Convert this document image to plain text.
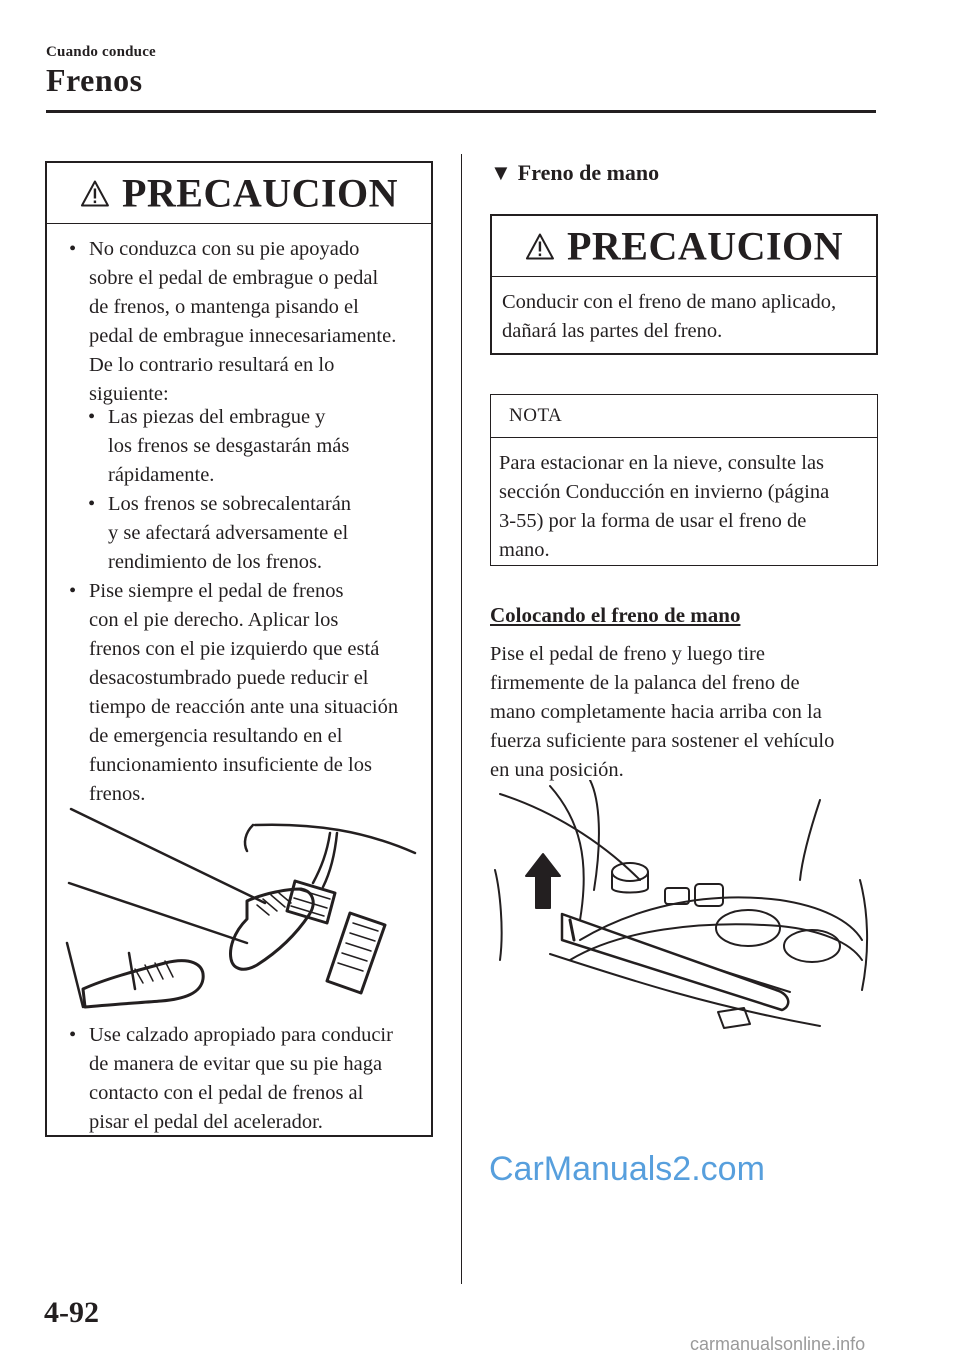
Cuando conduce
Frenos
PRECAUCION
• No conduzca con su pie apoyado
sobre el pedal de embrague o pedal
de frenos, o mantenga pisando el
pedal de embrague innecesariamente.
De lo contrario resultará en lo
siguiente:
• Las piezas del embrague y
los frenos se desgastarán más
rápidamente.
• Los frenos se sobrecalentarán
y se afectará adversamente el
rendimiento de los frenos.
• Pise siempre el pedal de frenos
con el pie derecho. Aplicar los
frenos con el pie izquierdo que está
desacostumbrado puede reducir el
tiempo de reacción ante una situación
de emergencia resultando en el
funcionamiento insuficiente de los
frenos.
• Use calzado apropiado para conducir
de manera de evitar que su pie haga
contacto con el pedal de frenos al
pisar el pedal del acelerador.
▼ Freno de mano
PRECAUCION
Conducir con el freno de mano aplicado,
dañará las partes del freno.
NOTA
Para estacionar en la nieve, consulte las
sección Conducción en invierno (página
3-55) por la forma de usar el freno de
mano.
Colocando el freno de mano
Pise el pedal de freno y luego tire
firmemente de la palanca del freno de
mano completamente hacia arriba con la
fuerza suficiente para sostener el vehículo
en una posición.
CarManuals2.com
4-92
carmanualsonline.info
